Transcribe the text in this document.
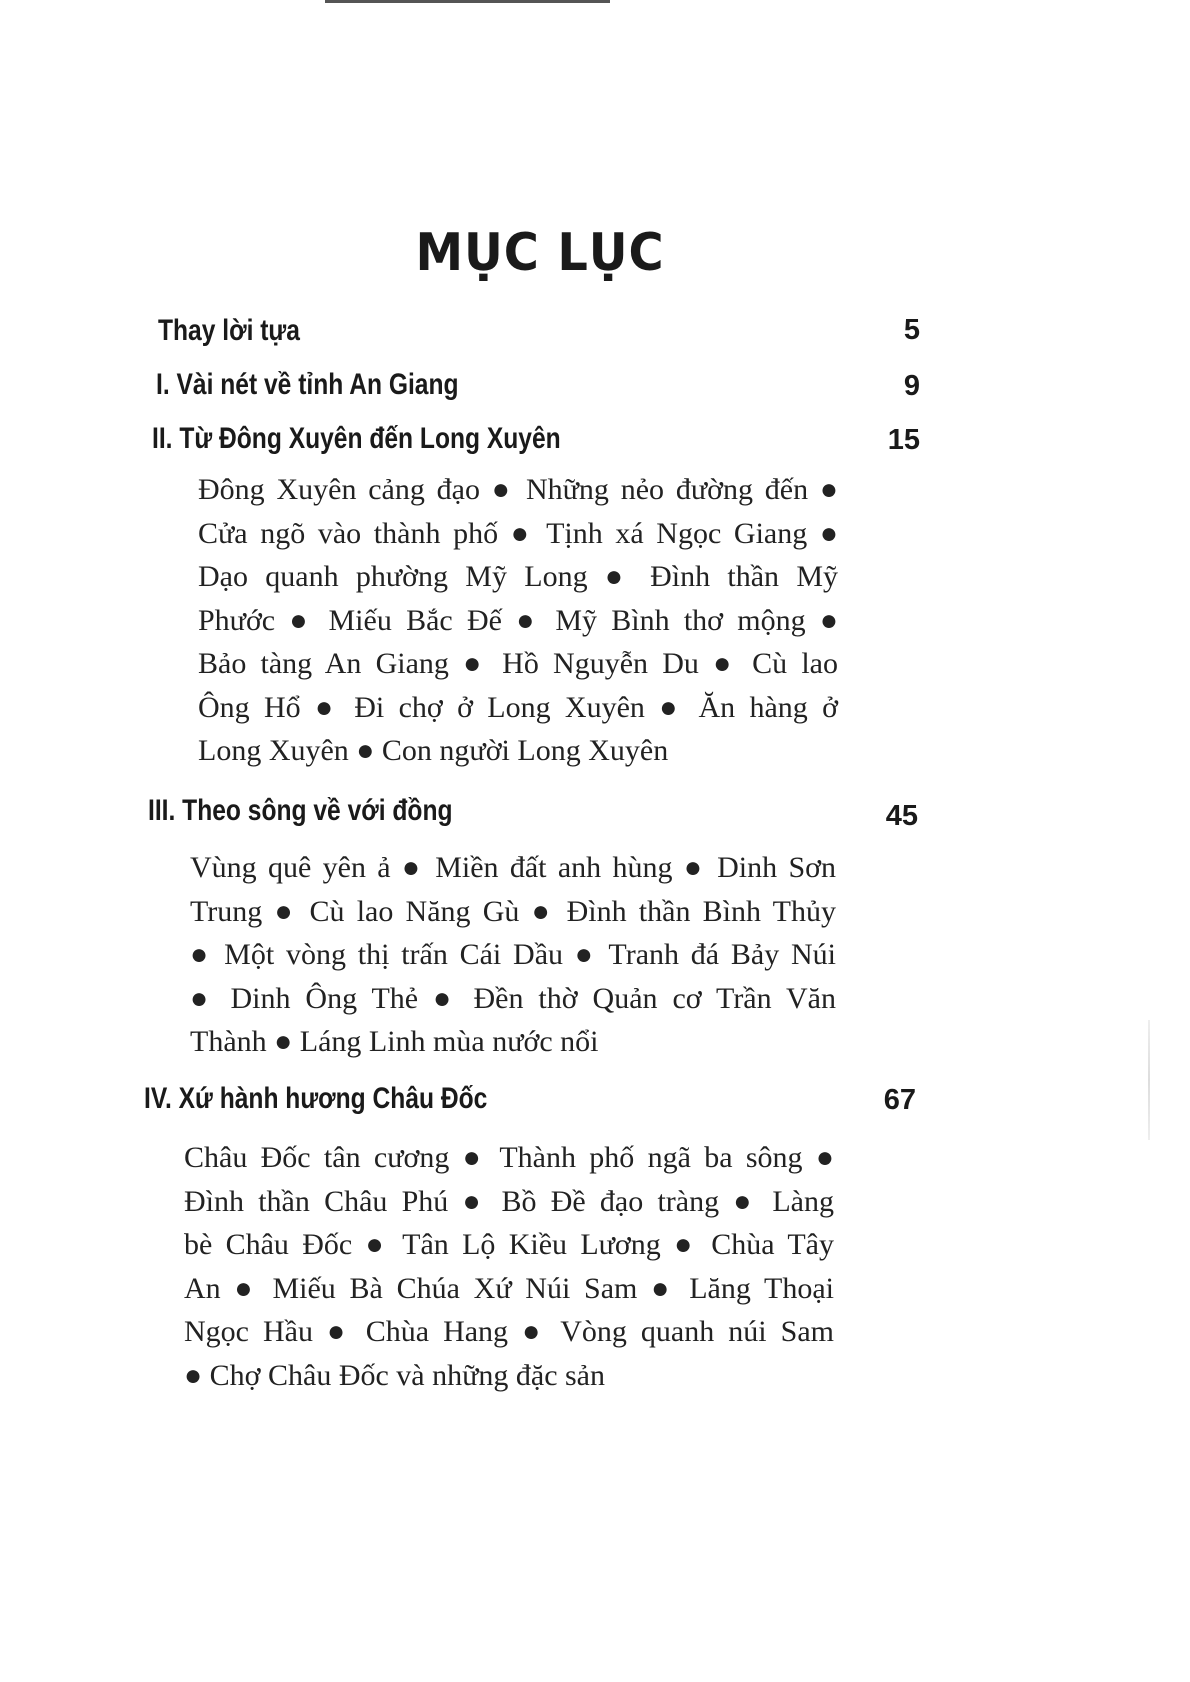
MỤC LỤC
Thay lời tựa	5
I. Vài nét về tỉnh An Giang	9
II. Từ Đông Xuyên đến Long Xuyên	15
Đông Xuyên cảng đạo ● Những nẻo đường đến ●
Cửa ngõ vào thành phố ● Tịnh xá Ngọc Giang ●
Dạo quanh phường Mỹ Long ● Đình thần Mỹ
Phước ● Miếu Bắc Đế ● Mỹ Bình thơ mộng ●
Bảo tàng An Giang ● Hồ Nguyễn Du ● Cù lao
Ông Hổ ● Đi chợ ở Long Xuyên ● Ăn hàng ở
Long Xuyên ● Con người Long Xuyên
III. Theo sông về với đồng	45
Vùng quê yên ả ● Miền đất anh hùng ● Dinh Sơn
Trung ● Cù lao Năng Gù ● Đình thần Bình Thủy
● Một vòng thị trấn Cái Dầu ● Tranh đá Bảy Núi
● Dinh Ông Thẻ ● Đền thờ Quản cơ Trần Văn
Thành ● Láng Linh mùa nước nổi
IV. Xứ hành hương Châu Đốc	67
Châu Đốc tân cương ● Thành phố ngã ba sông ●
Đình thần Châu Phú ● Bồ Đề đạo tràng ● Làng
bè Châu Đốc ● Tân Lộ Kiều Lương ● Chùa Tây
An ● Miếu Bà Chúa Xứ Núi Sam ● Lăng Thoại
Ngọc Hầu ● Chùa Hang ● Vòng quanh núi Sam
● Chợ Châu Đốc và những đặc sản
